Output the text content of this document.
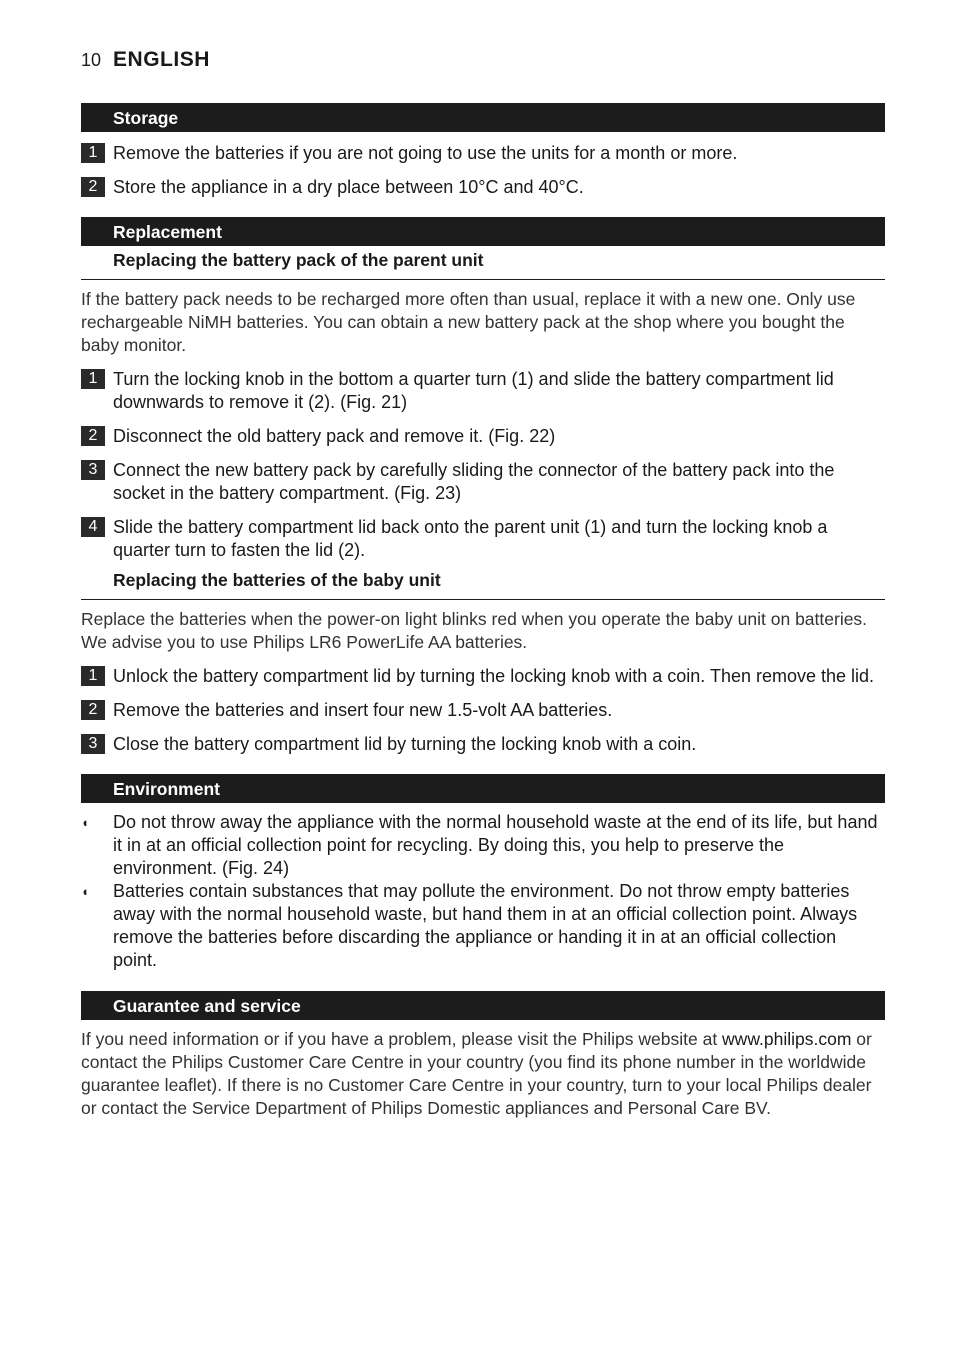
10 ENGLISH
Storage
1 Remove the batteries if you are not going to use the units for a month or more.
2 Store the appliance in a dry place between 10°C and 40°C.
Replacement
Replacing the battery pack of the parent unit

If the battery pack needs to be recharged more often than usual, replace it with a new one. Only use rechargeable NiMH batteries. You can obtain a new battery pack at the shop where you bought the baby monitor.

1 Turn the locking knob in the bottom a quarter turn (1) and slide the battery compartment lid downwards to remove it (2). (Fig. 21)
2 Disconnect the old battery pack and remove it. (Fig. 22)
3 Connect the new battery pack by carefully sliding the connector of the battery pack into the socket in the battery compartment. (Fig. 23)
4 Slide the battery compartment lid back onto the parent unit (1) and turn the locking knob a quarter turn to fasten the lid (2).
Replacing the batteries of the baby unit

Replace the batteries when the power-on light blinks red when you operate the baby unit on batteries. We advise you to use Philips LR6 PowerLife AA batteries.

1 Unlock the battery compartment lid by turning the locking knob with a coin. Then remove the lid.
2 Remove the batteries and insert four new 1.5-volt AA batteries.
3 Close the battery compartment lid by turning the locking knob with a coin.
Environment
◖	Do not throw away the appliance with the normal household waste at the end of its life, but hand it in at an official collection point for recycling. By doing this, you help to preserve the environment. (Fig. 24)
◖	Batteries contain substances that may pollute the environment. Do not throw empty batteries away with the normal household waste, but hand them in at an official collection point. Always remove the batteries before discarding the appliance or handing it in at an official collection point.
Guarantee and service

If you need information or if you have a problem, please visit the Philips website at www.philips.com or contact the Philips Customer Care Centre in your country (you find its phone number in the worldwide guarantee leaflet). If there is no Customer Care Centre in your country, turn to your local Philips dealer or contact the Service Department of Philips Domestic appliances and Personal Care BV.
